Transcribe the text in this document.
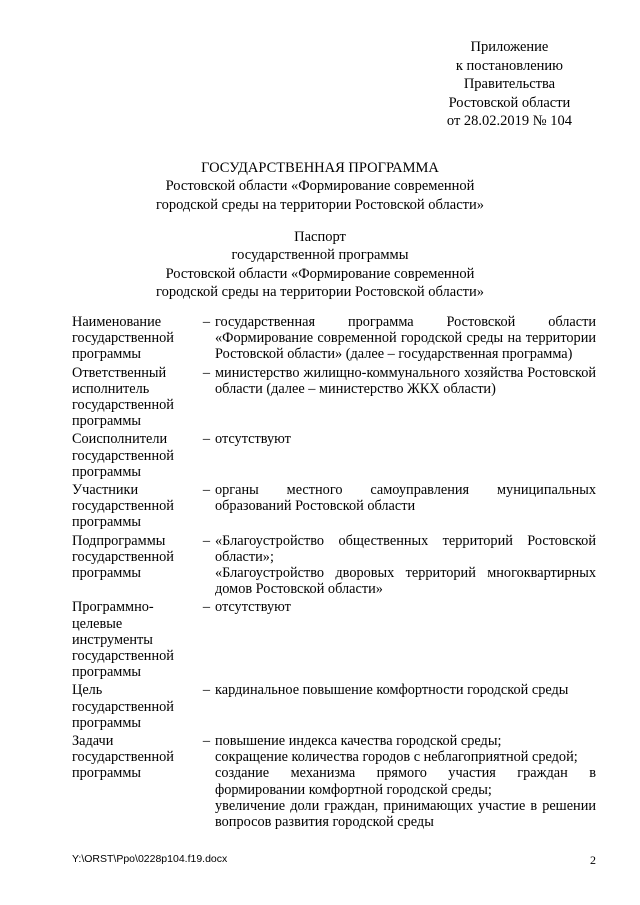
Приложение
к постановлению
Правительства
Ростовской области
от 28.02.2019 № 104
ГОСУДАРСТВЕННАЯ ПРОГРАММА
Ростовской области «Формирование современной
городской среды на территории Ростовской области»
Паспорт
государственной программы
Ростовской области «Формирование современной
городской среды на территории Ростовской области»
Наименование государственной программы	–	государственная программа Ростовской области «Формирование современной городской среды на территории Ростовской области» (далее – государственная программа)

Ответственный исполнитель государственной программы	–	министерство жилищно-коммунального хозяйства Ростовской области (далее – министерство ЖКХ области)

Соисполнители государственной программы	–	отсутствуют

Участники государственной программы	–	органы местного самоуправления муниципальных образований Ростовской области

Подпрограммы государственной программы	–	«Благоустройство общественных территорий Ростовской области»;
«Благоустройство дворовых территорий многоквартирных домов Ростовской области»

Программно-целевые инструменты государственной программы	–	отсутствуют

Цель государственной программы	–	кардинальное повышение комфортности городской среды

Задачи государственной программы	–	повышение индекса качества городской среды;
сокращение количества городов с неблагоприятной средой;
создание механизма прямого участия граждан в формировании комфортной городской среды;
увеличение доли граждан, принимающих участие в решении вопросов развития городской среды
Y:\ORST\Ppo\0228p104.f19.docx	2
